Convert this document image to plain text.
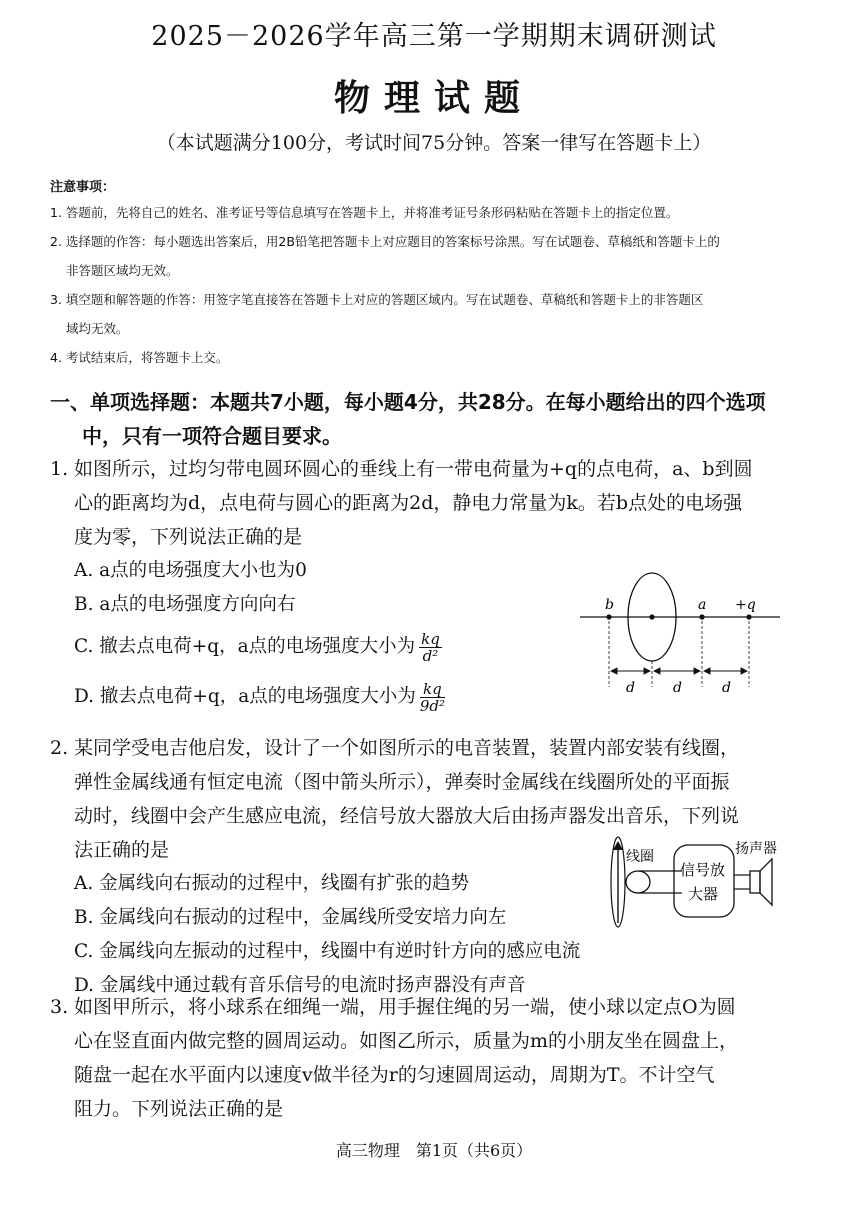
2025－2026学年高三第一学期期末调研测试
物理试题
（本试题满分100分，考试时间75分钟。答案一律写在答题卡上）
注意事项：
1. 答题前，先将自己的姓名、准考证号等信息填写在答题卡上，并将准考证号条形码粘贴在答题卡上的指定位置。
2. 选择题的作答：每小题选出答案后，用2B铅笔把答题卡上对应题目的答案标号涂黑。写在试题卷、草稿纸和答题卡上的
非答题区域均无效。
3. 填空题和解答题的作答：用签字笔直接答在答题卡上对应的答题区域内。写在试题卷、草稿纸和答题卡上的非答题区
域均无效。
4. 考试结束后，将答题卡上交。
一、单项选择题：本题共7小题，每小题4分，共28分。在每小题给出的四个选项
中，只有一项符合题目要求。
1. 如图所示，过均匀带电圆环圆心的垂线上有一带电荷量为+q的点电荷，a、b到圆
心的距离均为d，点电荷与圆心的距离为2d，静电力常量为k。若b点处的电场强
度为零，下列说法正确的是
A. a点的电场强度大小也为0
B. a点的电场强度方向向右
C. 撤去点电荷+q，a点的电场强度大小为 $\frac{kq}{\text{d²}}$
D. 撤去点电荷+q，a点的电场强度大小为 $\frac{kq}{\text{9d²}}$
b	a +q
d	d	d
2. 某同学受电吉他启发，设计了一个如图所示的电音装置，装置内部安装有线圈，
弹性金属线通有恒定电流（图中箭头所示），弹奏时金属线在线圈所处的平面振
动时，线圈中会产生感应电流，经信号放大器放大后由扬声器发出音乐，下列说
法正确的是
A. 金属线向右振动的过程中，线圈有扩张的趋势
B. 金属线向右振动的过程中，金属线所受安培力向左
C. 金属线向左振动的过程中，线圈中有逆时针方向的感应电流
D. 金属线中通过载有音乐信号的电流时扬声器没有声音
线圈
信号放
大器
扬声器
3. 如图甲所示，将小球系在细绳一端，用手握住绳的另一端，使小球以定点O为圆
心在竖直面内做完整的圆周运动。如图乙所示，质量为m的小朋友坐在圆盘上，
随盘一起在水平面内以速度v做半径为r的匀速圆周运动，周期为T。不计空气
阻力。下列说法正确的是
高三物理　第1页（共6页）
